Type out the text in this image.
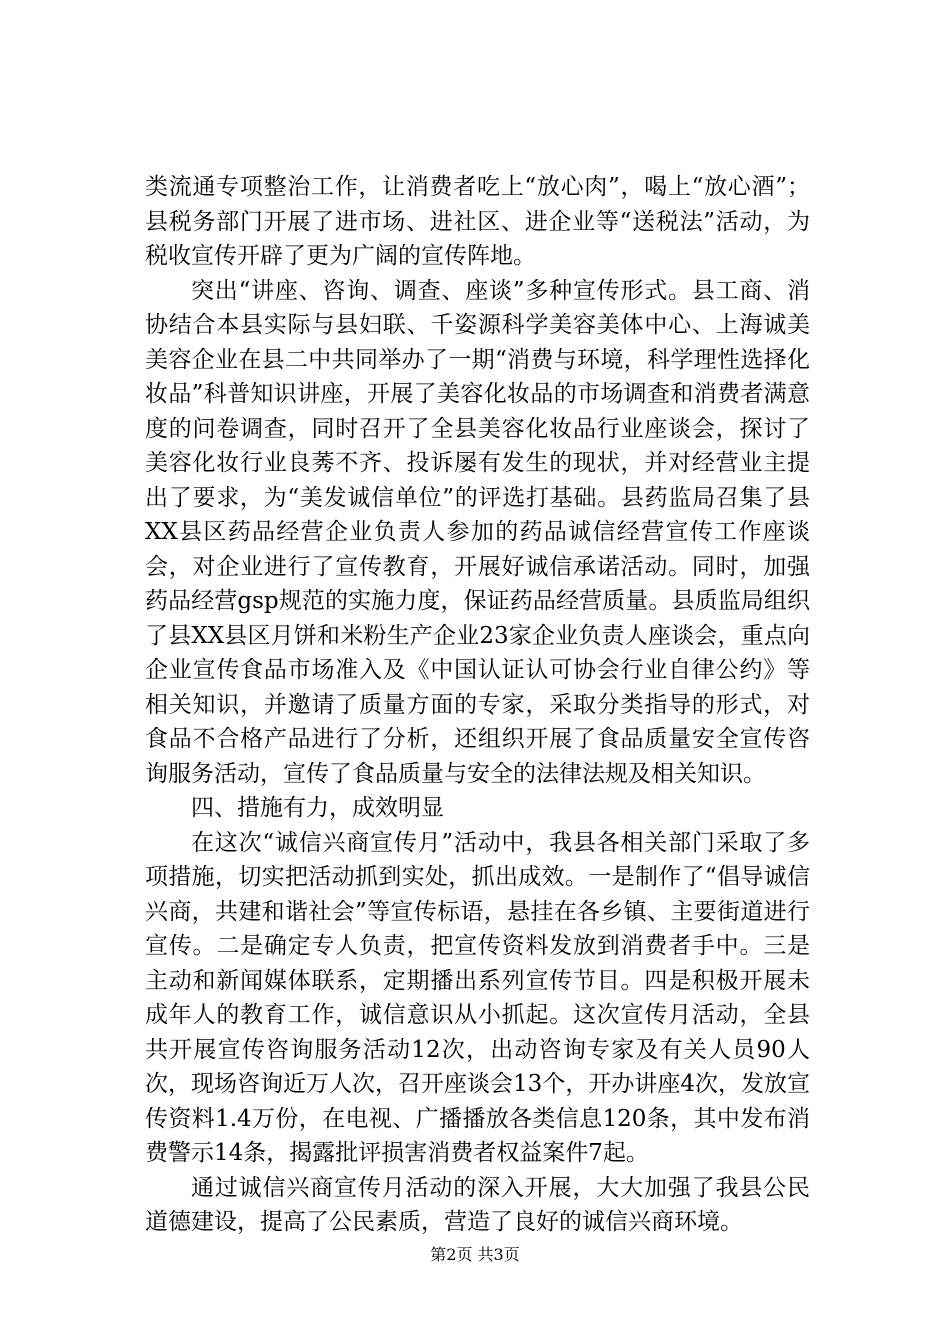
类流通专项整治工作，让消费者吃上“放心肉”，喝上“放心酒”；县税务部门开展了进市场、进社区、进企业等“送税法”活动，为税收宣传开辟了更为广阔的宣传阵地。

突出“讲座、咨询、调查、座谈”多种宣传形式。县工商、消协结合本县实际与县妇联、千姿源科学美容美体中心、上海诚美美容企业在县二中共同举办了一期“消费与环境，科学理性选择化妆品”科普知识讲座，开展了美容化妆品的市场调查和消费者满意度的问卷调查，同时召开了全县美容化妆品行业座谈会，探讨了美容化妆行业良莠不齐、投诉屡有发生的现状，并对经营业主提出了要求，为“美发诚信单位”的评选打基础。县药监局召集了县XX县区药品经营企业负责人参加的药品诚信经营宣传工作座谈会，对企业进行了宣传教育，开展好诚信承诺活动。同时，加强药品经营gsp规范的实施力度，保证药品经营质量。县质监局组织了县XX县区月饼和米粉生产企业23家企业负责人座谈会，重点向企业宣传食品市场准入及《中国认证认可协会行业自律公约》等相关知识，并邀请了质量方面的专家，采取分类指导的形式，对食品不合格产品进行了分析，还组织开展了食品质量安全宣传咨询服务活动，宣传了食品质量与安全的法律法规及相关知识。

四、措施有力，成效明显

在这次“诚信兴商宣传月”活动中，我县各相关部门采取了多项措施，切实把活动抓到实处，抓出成效。一是制作了“倡导诚信兴商，共建和谐社会”等宣传标语，悬挂在各乡镇、主要街道进行宣传。二是确定专人负责，把宣传资料发放到消费者手中。三是主动和新闻媒体联系，定期播出系列宣传节目。四是积极开展未成年人的教育工作，诚信意识从小抓起。这次宣传月活动，全县共开展宣传咨询服务活动12次，出动咨询专家及有关人员90人次，现场咨询近万人次，召开座谈会13个，开办讲座4次，发放宣传资料1.4万份，在电视、广播播放各类信息120条，其中发布消费警示14条，揭露批评损害消费者权益案件7起。

通过诚信兴商宣传月活动的深入开展，大大加强了我县公民道德建设，提高了公民素质，营造了良好的诚信兴商环境。

第2页 共3页
